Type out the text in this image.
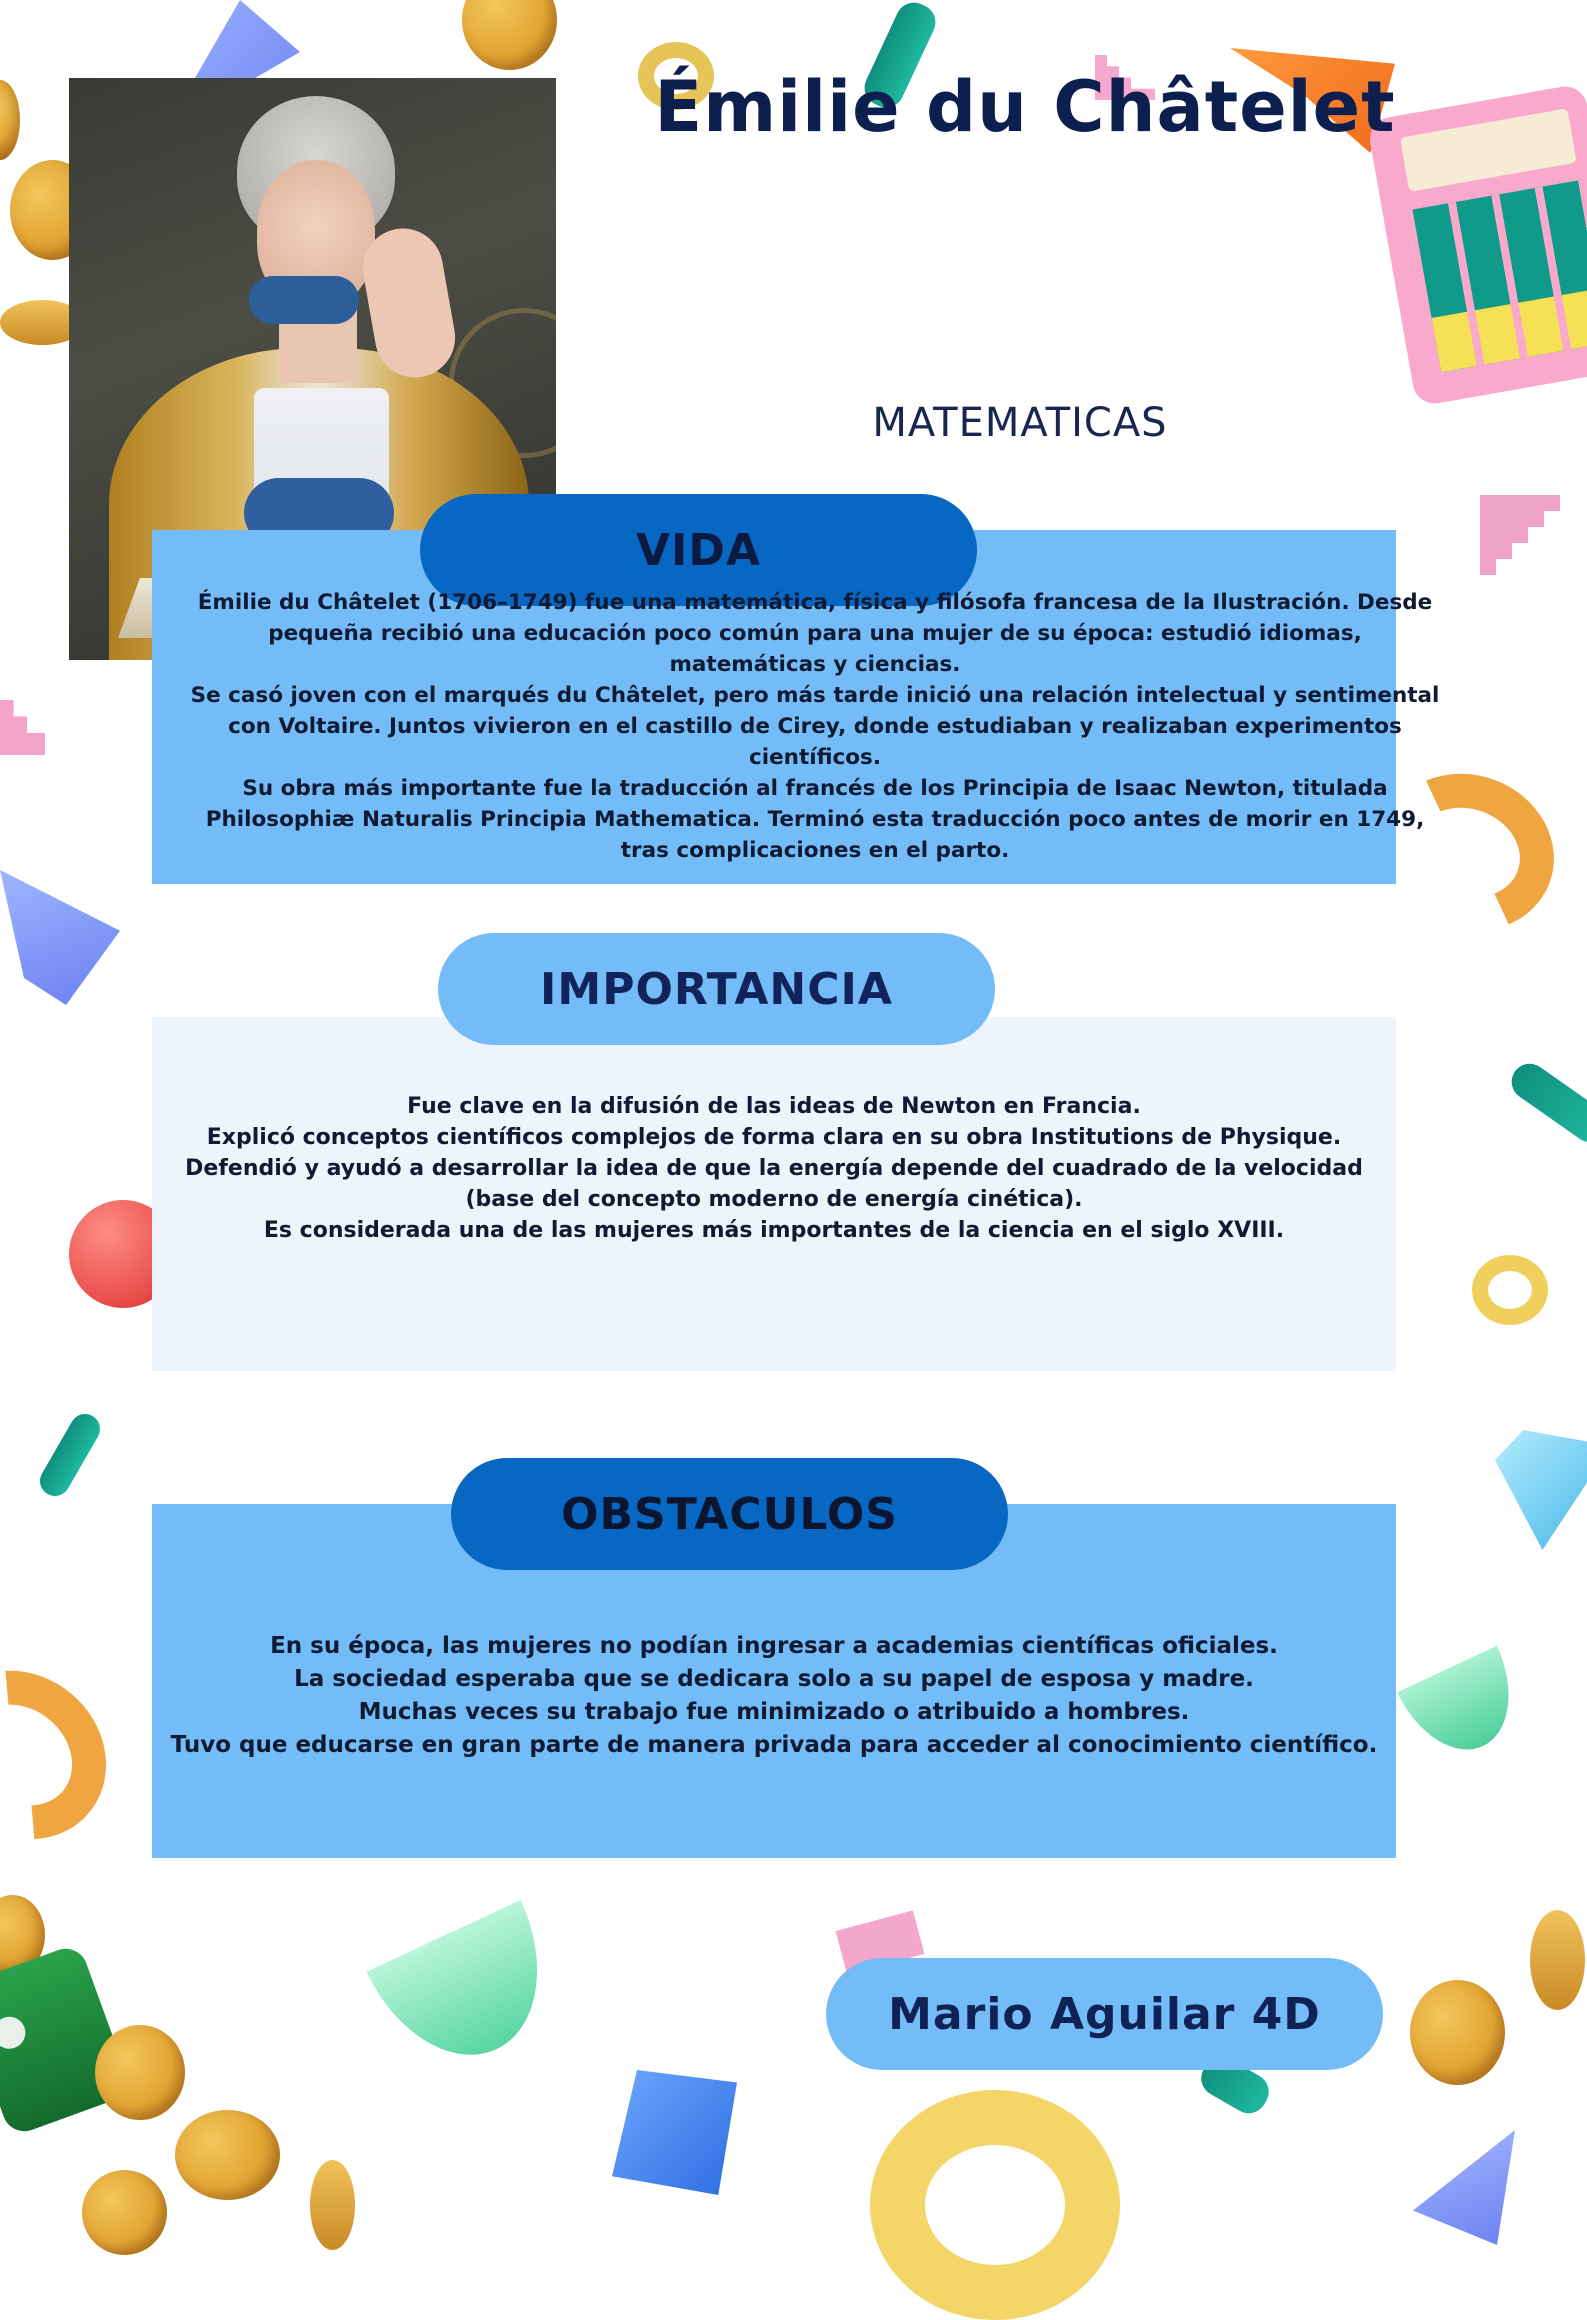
Émilie du Châtelet
MATEMATICAS
VIDA

Émilie du Châtelet (1706–1749) fue una matemática, física y filósofa francesa de la Ilustración. Desde pequeña recibió una educación poco común para una mujer de su época: estudió idiomas, matemáticas y ciencias.

Se casó joven con el marqués du Châtelet, pero más tarde inició una relación intelectual y sentimental con Voltaire. Juntos vivieron en el castillo de Cirey, donde estudiaban y realizaban experimentos científicos.

Su obra más importante fue la traducción al francés de los Principia de Isaac Newton, titulada Philosophiæ Naturalis Principia Mathematica. Terminó esta traducción poco antes de morir en 1749, tras complicaciones en el parto.

IMPORTANCIA

Fue clave en la difusión de las ideas de Newton en Francia.

Explicó conceptos científicos complejos de forma clara en su obra Institutions de Physique.

Defendió y ayudó a desarrollar la idea de que la energía depende del cuadrado de la velocidad (base del concepto moderno de energía cinética).

Es considerada una de las mujeres más importantes de la ciencia en el siglo XVIII.

OBSTACULOS

En su época, las mujeres no podían ingresar a academias científicas oficiales.

La sociedad esperaba que se dedicara solo a su papel de esposa y madre.

Muchas veces su trabajo fue minimizado o atribuido a hombres.

Tuvo que educarse en gran parte de manera privada para acceder al conocimiento científico.

Mario Aguilar 4D
